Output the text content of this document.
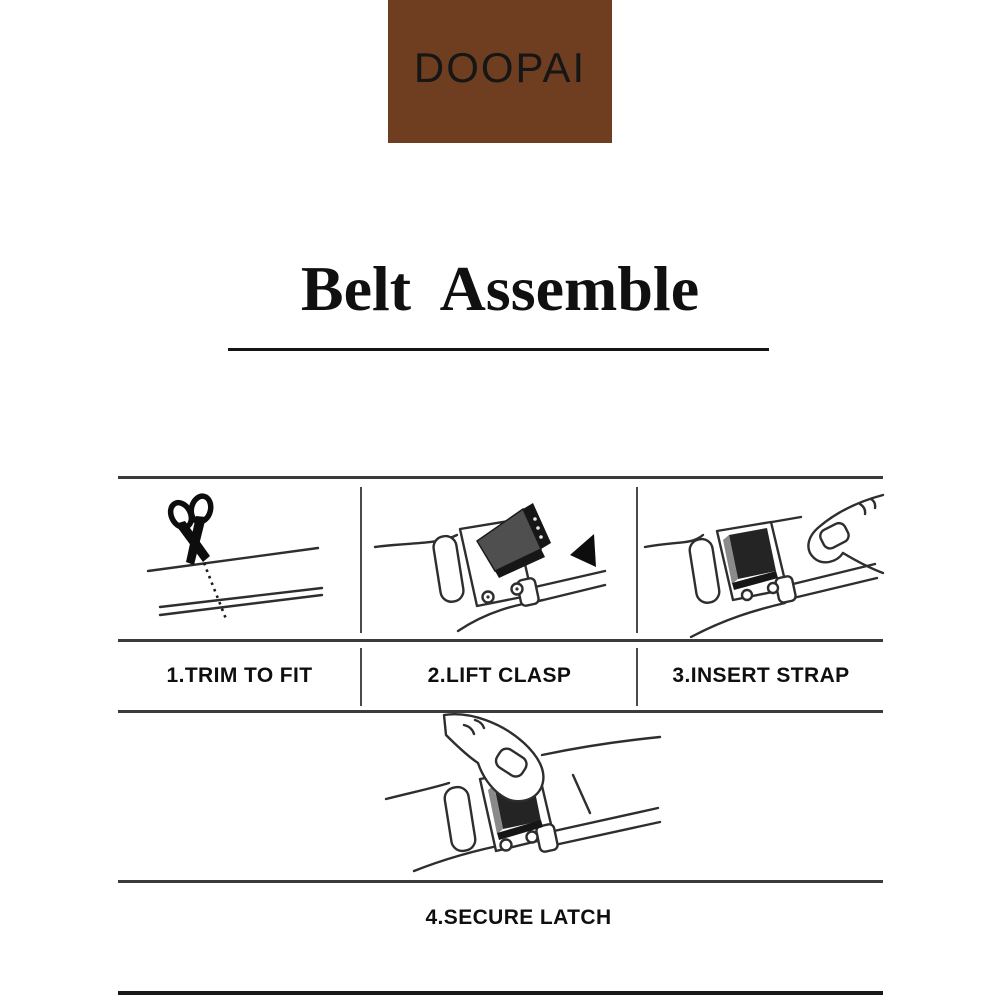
DOOPAI
Belt Assemble
1.TRIM TO FIT	2.LIFT CLASP	3.INSERT STRAP
4.SECURE LATCH
